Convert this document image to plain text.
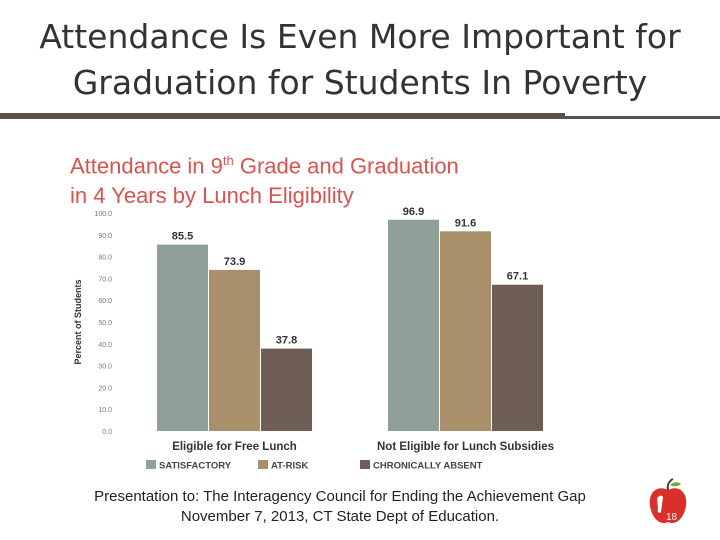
Attendance Is Even More Important for
Graduation for Students In Poverty
Attendance in 9th Grade and Graduation
in 4 Years by Lunch Eligibility
Percent of Students
0.0
10.0
20.0
30.0
40.0
50.0
60.0
70.0
80.0
90.0
100.0
85.5
96.9
73.9
91.6
37.8
67.1
Eligible for Free Lunch	Not Eligible for Lunch Subsidies
SATISFACTORY	AT-RISK	CHRONICALLY ABSENT
Presentation to: The Interagency Council for Ending the Achievement Gap
November 7, 2013, CT State Dept of Education.	18
